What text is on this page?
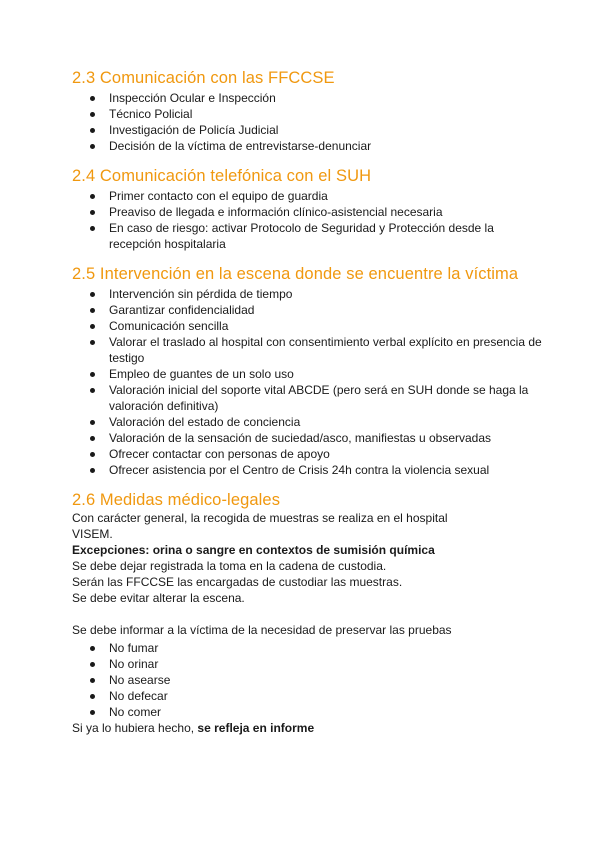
2.3 Comunicación con las FFCCSE
Inspección Ocular e Inspección
Técnico Policial
Investigación de Policía Judicial
Decisión de la víctima de entrevistarse-denunciar
2.4 Comunicación telefónica con el SUH
Primer contacto con el equipo de guardia
Preaviso de llegada e información clínico-asistencial necesaria
En caso de riesgo: activar Protocolo de Seguridad y Protección desde la recepción hospitalaria
2.5 Intervención en la escena donde se encuentre la víctima
Intervención sin pérdida de tiempo
Garantizar confidencialidad
Comunicación sencilla
Valorar el traslado al hospital con consentimiento verbal explícito en presencia de testigo
Empleo de guantes de un solo uso
Valoración inicial del soporte vital ABCDE (pero será en SUH donde se haga la valoración definitiva)
Valoración del estado de conciencia
Valoración de la sensación de suciedad/asco, manifiestas u observadas
Ofrecer contactar con personas de apoyo
Ofrecer asistencia por el Centro de Crisis 24h contra la violencia sexual
2.6 Medidas médico-legales

Con carácter general, la recogida de muestras se realiza en el hospital

VISEM.

Excepciones: orina o sangre en contextos de sumisión química

Se debe dejar registrada la toma en la cadena de custodia.

Serán las FFCCSE las encargadas de custodiar las muestras.

Se debe evitar alterar la escena.

Se debe informar a la víctima de la necesidad de preservar las pruebas

No fumar
No orinar
No asearse
No defecar
No comer

Si ya lo hubiera hecho, se refleja en informe
